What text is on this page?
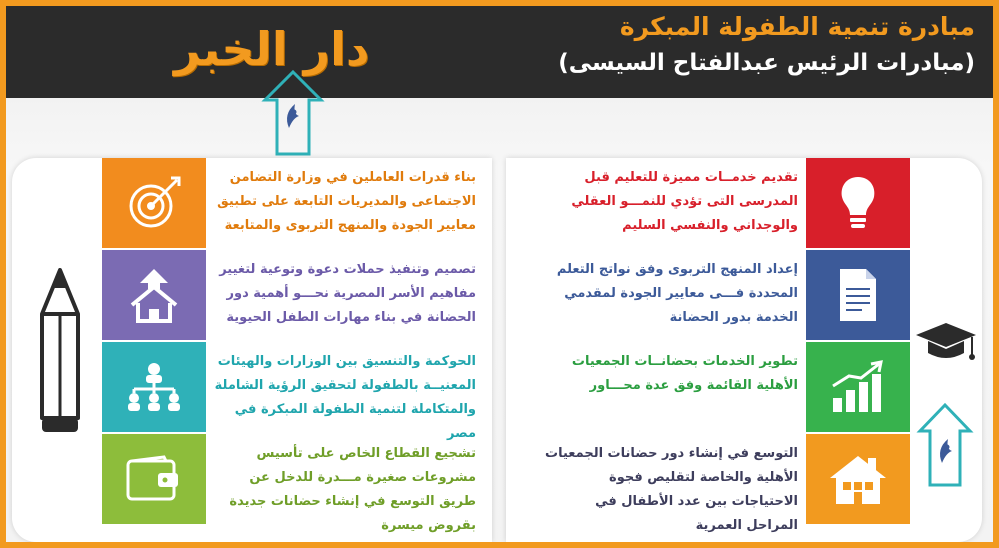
مبادرة تنمية الطفولة المبكرة
(مبادرات الرئيس عبدالفتاح السيسى)
دار الخبر
بناء قدرات العاملين في وزارة التضامن الاجتماعى والمديريات التابعة على تطبيق معايير الجودة والمنهج التربوى والمتابعة
تصميم وتنفيذ حملات دعوة وتوعية لتغيير مفاهيم الأسر المصرية نحـــو أهمية دور الحضانة في بناء مهارات الطفل الحيوية
الحوكمة والتنسيق بين الوزارات والهيئات المعنيــة بالطفولة لتحقيق الرؤية الشاملة والمتكاملة لتنمية الطفولة المبكرة في مصر
تشجيع القطاع الخاص على تأسيس مشروعات صغيرة مـــدرة للدخل عن طريق التوسع في إنشاء حضانات جديدة بقروض ميسرة
تقديم خدمــات مميزة للتعليم قبل المدرسى التى تؤدي للنمـــو العقلي والوجداني والنفسي السليم
إعداد المنهج التربوى وفق نواتج التعلم المحددة فـــى معايير الجودة لمقدمي الخدمة بدور الحضانة
تطوير الخدمات بحضانــات الجمعيات الأهلية القائمة وفق عدة محـــاور
التوسع في إنشاء دور حضانات الجمعيات الأهلية والخاصة لتقليص فجوة الاحتياجات بين عدد الأطفال في المراحل العمرية
